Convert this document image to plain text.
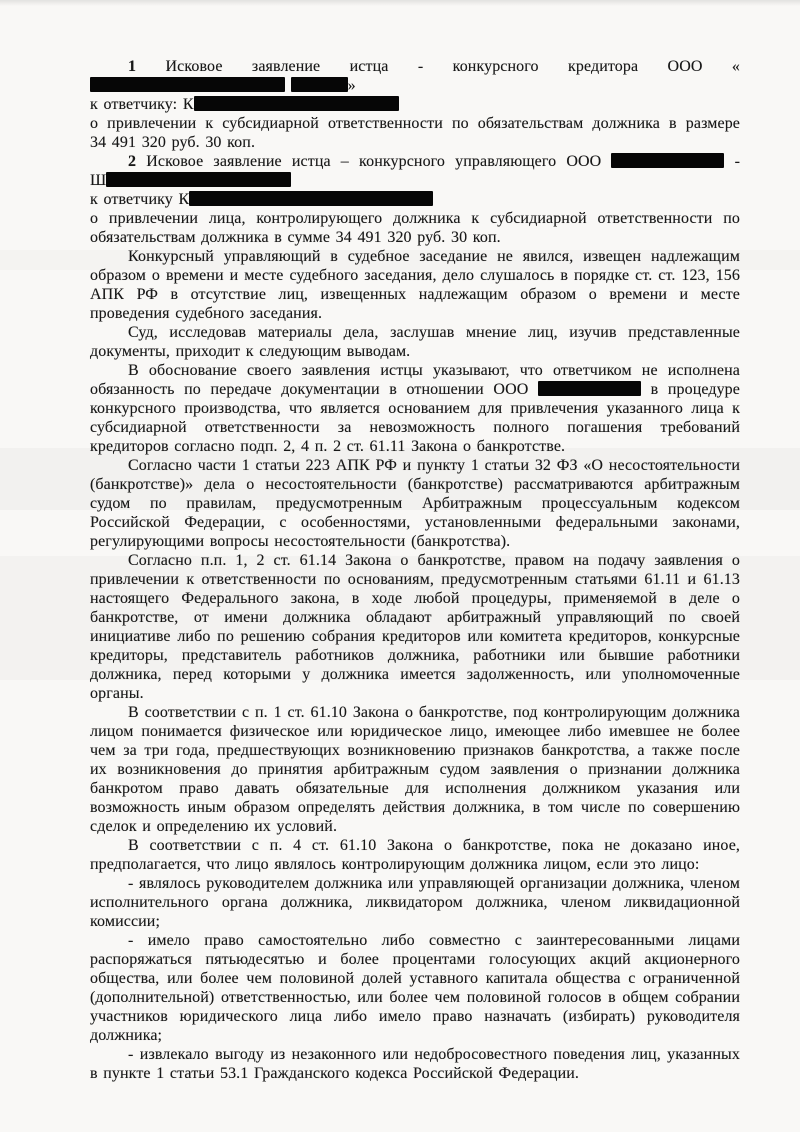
1 Исковое заявление истца - конкурсного кредитора ООО « »

к ответчику: К

о привлечении к субсидиарной ответственности по обязательствам должника в размере 34 491 320 руб. 30 коп.

2 Исковое заявление истца – конкурсного управляющего ООО	- Ш

к ответчику К

о привлечении лица, контролирующего должника к субсидиарной ответственности по обязательствам должника в сумме 34 491 320 руб. 30 коп.

Конкурсный управляющий в судебное заседание не явился, извещен надлежащим образом о времени и месте судебного заседания, дело слушалось в порядке ст. ст. 123, 156 АПК РФ в отсутствие лиц, извещенных надлежащим образом о времени и месте проведения судебного заседания.

Суд, исследовав материалы дела, заслушав мнение лиц, изучив представленные документы, приходит к следующим выводам.

В обоснование своего заявления истцы указывают, что ответчиком не исполнена обязанность по передаче документации в отношении ООО	в процедуре конкурсного производства, что является основанием для привлечения указанного лица к субсидиарной ответственности за невозможность полного погашения требований кредиторов согласно подп. 2, 4 п. 2 ст. 61.11 Закона о банкротстве.

Согласно части 1 статьи 223 АПК РФ и пункту 1 статьи 32 ФЗ «О несостоятельности (банкротстве)» дела о несостоятельности (банкротстве) рассматриваются арбитражным судом по правилам, предусмотренным Арбитражным процессуальным кодексом Российской Федерации, с особенностями, установленными федеральными законами, регулирующими вопросы несостоятельности (банкротства).

Согласно п.п. 1, 2 ст. 61.14 Закона о банкротстве, правом на подачу заявления о привлечении к ответственности по основаниям, предусмотренным статьями 61.11 и 61.13 настоящего Федерального закона, в ходе любой процедуры, применяемой в деле о банкротстве, от имени должника обладают арбитражный управляющий по своей инициативе либо по решению собрания кредиторов или комитета кредиторов, конкурсные кредиторы, представитель работников должника, работники или бывшие работники должника, перед которыми у должника имеется задолженность, или уполномоченные органы.

В соответствии с п. 1 ст. 61.10 Закона о банкротстве, под контролирующим должника лицом понимается физическое или юридическое лицо, имеющее либо имевшее не более чем за три года, предшествующих возникновению признаков банкротства, а также после их возникновения до принятия арбитражным судом заявления о признании должника банкротом право давать обязательные для исполнения должником указания или возможность иным образом определять действия должника, в том числе по совершению сделок и определению их условий.

В соответствии с п. 4 ст. 61.10 Закона о банкротстве, пока не доказано иное, предполагается, что лицо являлось контролирующим должника лицом, если это лицо:

- являлось руководителем должника или управляющей организации должника, членом исполнительного органа должника, ликвидатором должника, членом ликвидационной комиссии;

- имело право самостоятельно либо совместно с заинтересованными лицами распоряжаться пятьюдесятью и более процентами голосующих акций акционерного общества, или более чем половиной долей уставного капитала общества с ограниченной (дополнительной) ответственностью, или более чем половиной голосов в общем собрании участников юридического лица либо имело право назначать (избирать) руководителя должника;

- извлекало выгоду из незаконного или недобросовестного поведения лиц, указанных в пункте 1 статьи 53.1 Гражданского кодекса Российской Федерации.
